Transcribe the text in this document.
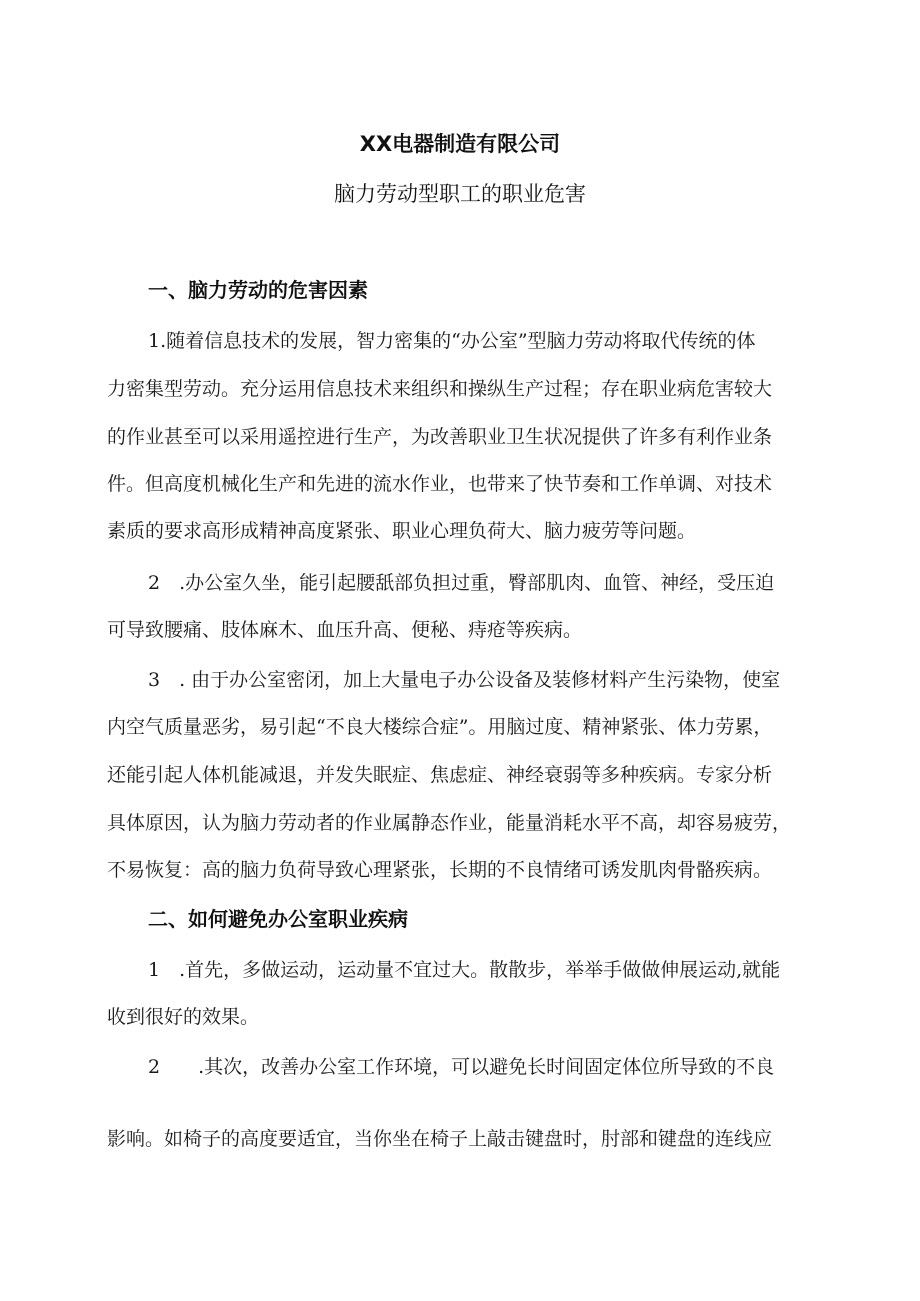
XX电器制造有限公司
脑力劳动型职工的职业危害
一、脑力劳动的危害因素

1.随着信息技术的发展，智力密集的“办公室”型脑力劳动将取代传统的体

力密集型劳动。充分运用信息技术来组织和操纵生产过程；存在职业病危害较大

的作业甚至可以采用遥控进行生产，为改善职业卫生状况提供了许多有利作业条

件。但高度机械化生产和先进的流水作业，也带来了快节奏和工作单调、对技术

素质的要求高形成精神高度紧张、职业心理负荷大、脑力疲劳等问题。

2　.办公室久坐，能引起腰舐部负担过重，臀部肌肉、血管、神经，受压迫

可导致腰痛、肢体麻木、血压升高、便秘、痔疮等疾病。

3　. 由于办公室密闭，加上大量电子办公设备及装修材料产生污染物，使室

内空气质量恶劣，易引起“不良大楼综合症”。用脑过度、精神紧张、体力劳累，

还能引起人体机能减退，并发失眠症、焦虑症、神经衰弱等多种疾病。专家分析

具体原因，认为脑力劳动者的作业属静态作业，能量消耗水平不高，却容易疲劳，

不易恢复：高的脑力负荷导致心理紧张，长期的不良情绪可诱发肌肉骨骼疾病。

二、如何避免办公室职业疾病

1　.首先，多做运动，运动量不宜过大。散散步，举举手做做伸展运动,就能

收到很好的效果。

2　　.其次，改善办公室工作环境，可以避免长时间固定体位所导致的不良

影响。如椅子的高度要适宜，当你坐在椅子上敲击键盘时，肘部和键盘的连线应
